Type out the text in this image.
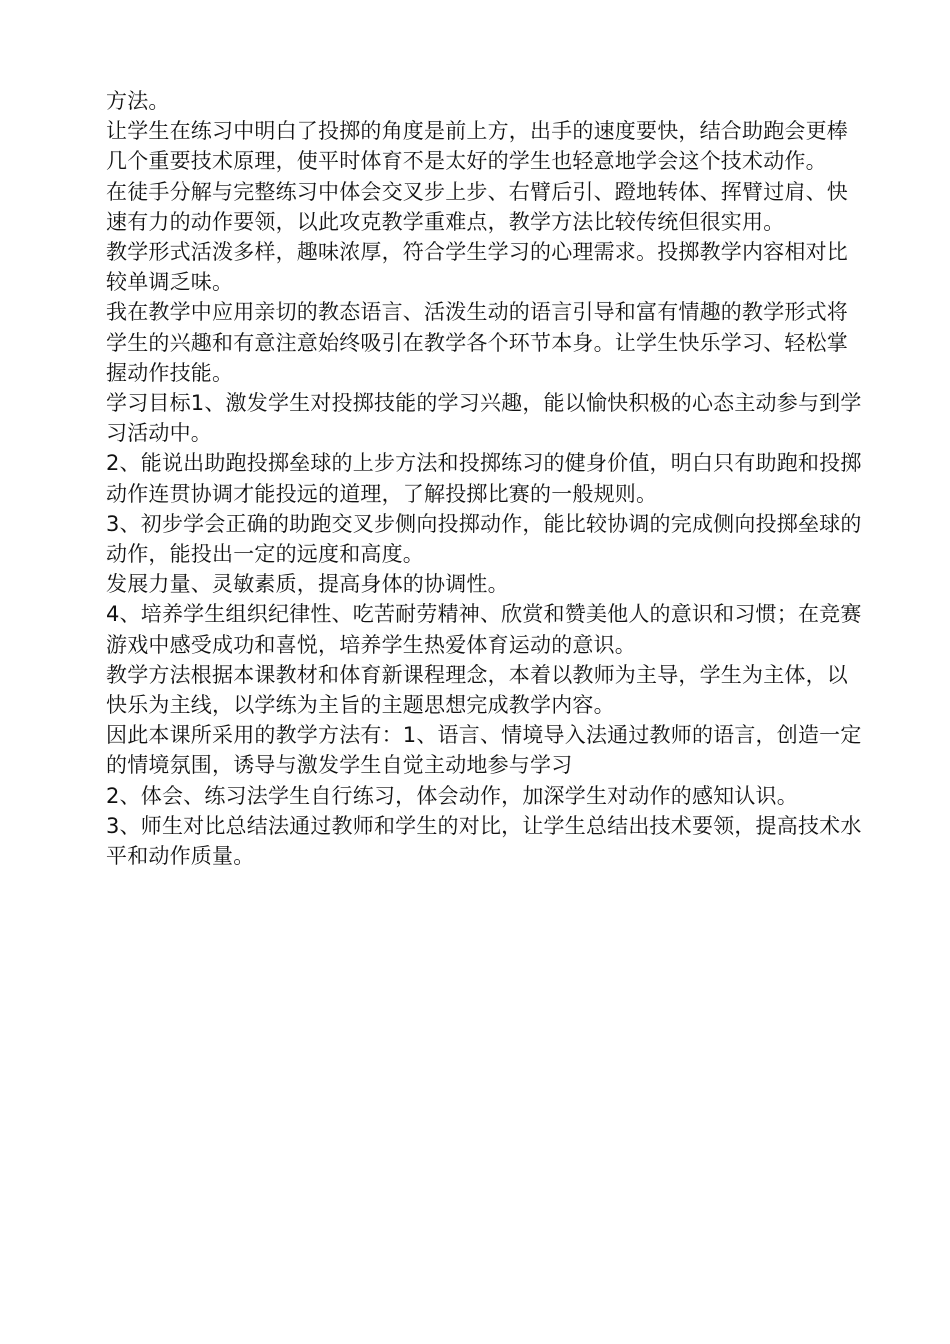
方法。

让学生在练习中明白了投掷的角度是前上方，出手的速度要快，结合助跑会更棒几个重要技术原理，使平时体育不是太好的学生也轻意地学会这个技术动作。

在徒手分解与完整练习中体会交叉步上步、右臂后引、蹬地转体、挥臂过肩、快速有力的动作要领，以此攻克教学重难点，教学方法比较传统但很实用。

教学形式活泼多样，趣味浓厚，符合学生学习的心理需求。投掷教学内容相对比较单调乏味。

我在教学中应用亲切的教态语言、活泼生动的语言引导和富有情趣的教学形式将学生的兴趣和有意注意始终吸引在教学各个环节本身。让学生快乐学习、轻松掌握动作技能。

学习目标1、激发学生对投掷技能的学习兴趣，能以愉快积极的心态主动参与到学习活动中。

2、能说出助跑投掷垒球的上步方法和投掷练习的健身价值，明白只有助跑和投掷动作连贯协调才能投远的道理，了解投掷比赛的一般规则。

3、初步学会正确的助跑交叉步侧向投掷动作，能比较协调的完成侧向投掷垒球的动作，能投出一定的远度和高度。

发展力量、灵敏素质，提高身体的协调性。

4、培养学生组织纪律性、吃苦耐劳精神、欣赏和赞美他人的意识和习惯；在竞赛游戏中感受成功和喜悦，培养学生热爱体育运动的意识。

教学方法根据本课教材和体育新课程理念，本着以教师为主导，学生为主体，以快乐为主线，以学练为主旨的主题思想完成教学内容。

因此本课所采用的教学方法有：1、语言、情境导入法通过教师的语言，创造一定的情境氛围，诱导与激发学生自觉主动地参与学习

2、体会、练习法学生自行练习，体会动作，加深学生对动作的感知认识。

3、师生对比总结法通过教师和学生的对比，让学生总结出技术要领，提高技术水平和动作质量。
